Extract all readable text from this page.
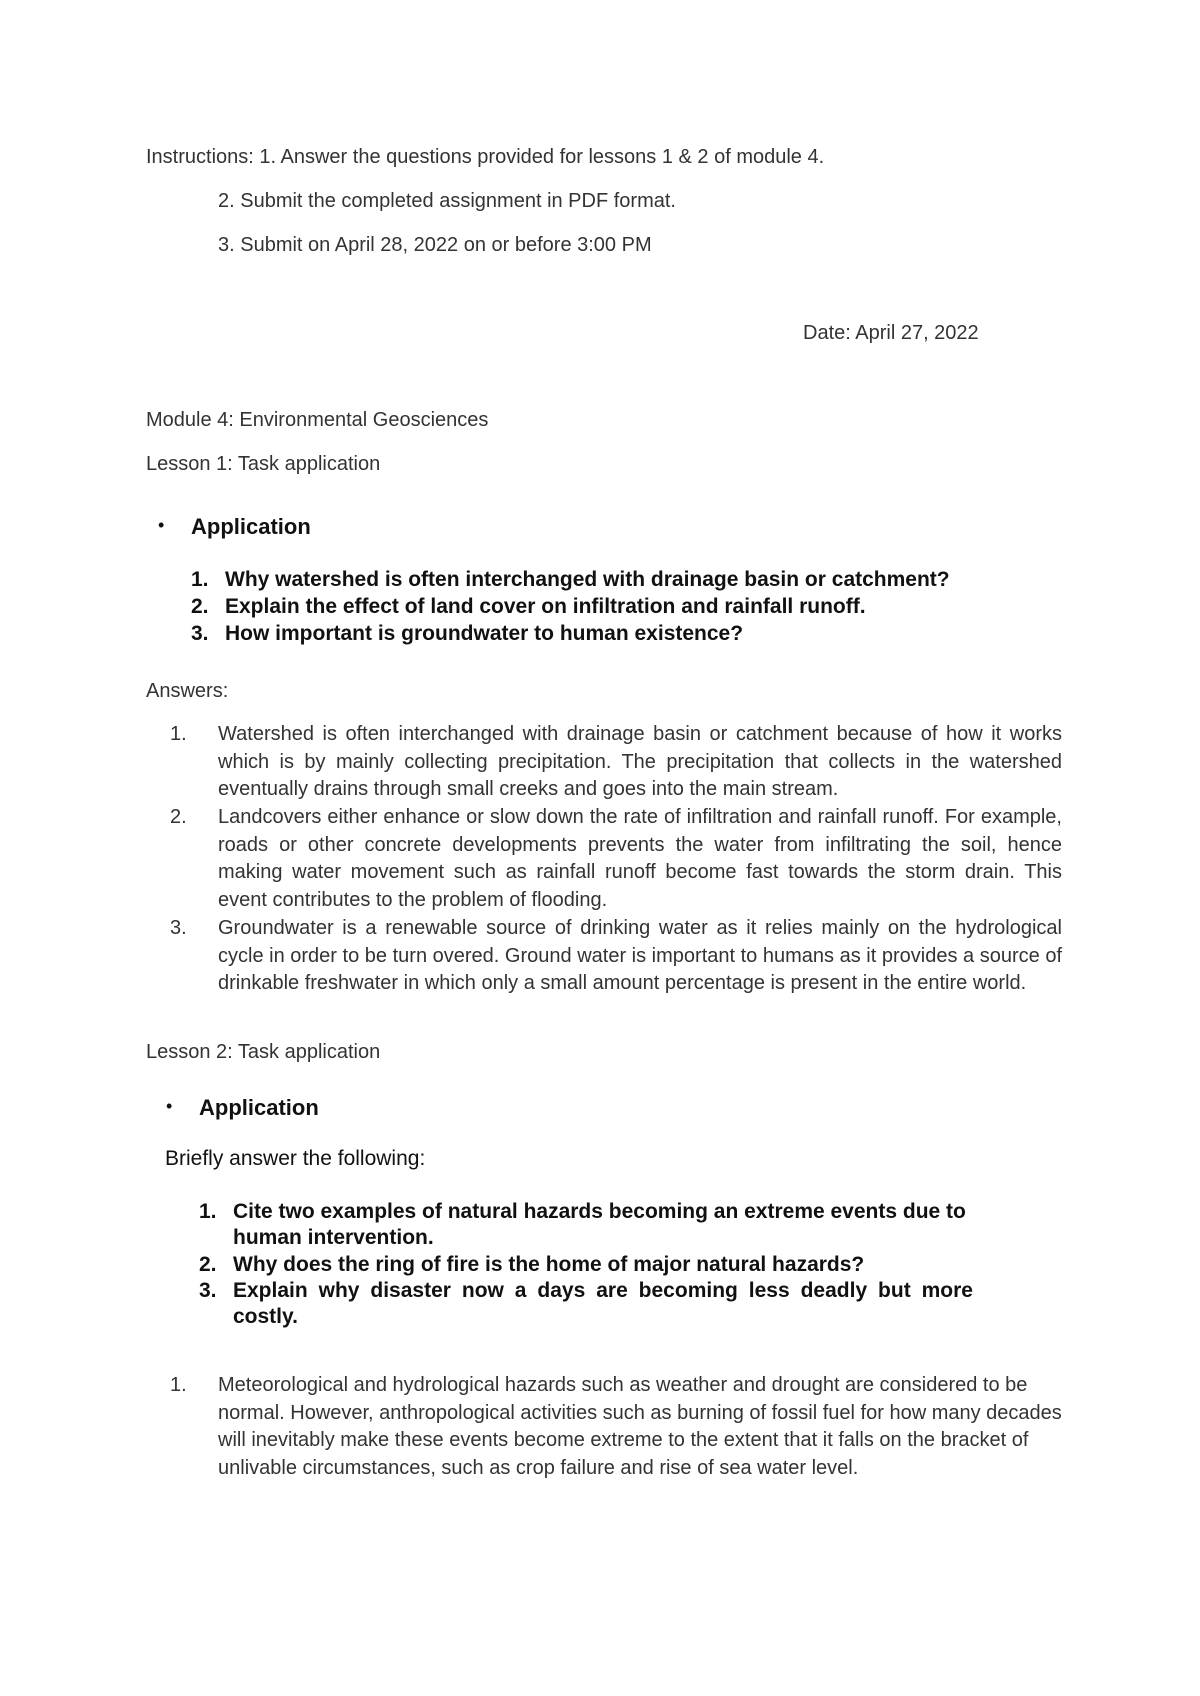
Instructions: 1. Answer the questions provided for lessons 1 & 2 of module 4.
2. Submit the completed assignment in PDF format.
3. Submit on April 28, 2022 on or before 3:00 PM
Date: April 27, 2022
Module 4: Environmental Geosciences
Lesson 1: Task application
• Application
1. Why watershed is often interchanged with drainage basin or catchment?
2. Explain the effect of land cover on infiltration and rainfall runoff.
3. How important is groundwater to human existence?
Answers:
1.	Watershed is often interchanged with drainage basin or catchment because of how it works which is by mainly collecting precipitation. The precipitation that collects in the watershed eventually drains through small creeks and goes into the main stream.
2.	Landcovers either enhance or slow down the rate of infiltration and rainfall runoff. For example, roads or other concrete developments prevents the water from infiltrating the soil, hence making water movement such as rainfall runoff become fast towards the storm drain. This event contributes to the problem of flooding.
3.	Groundwater is a renewable source of drinking water as it relies mainly on the hydrological cycle in order to be turn overed. Ground water is important to humans as it provides a source of drinkable freshwater in which only a small amount percentage is present in the entire world.
Lesson 2: Task application
• Application
Briefly answer the following:
1. Cite two examples of natural hazards becoming an extreme events due to human intervention.
2. Why does the ring of fire is the home of major natural hazards?
3. Explain why disaster now a days are becoming less deadly but more costly.
1.	Meteorological and hydrological hazards such as weather and drought are considered to be normal. However, anthropological activities such as burning of fossil fuel for how many decades will inevitably make these events become extreme to the extent that it falls on the bracket of unlivable circumstances, such as crop failure and rise of sea water level.
